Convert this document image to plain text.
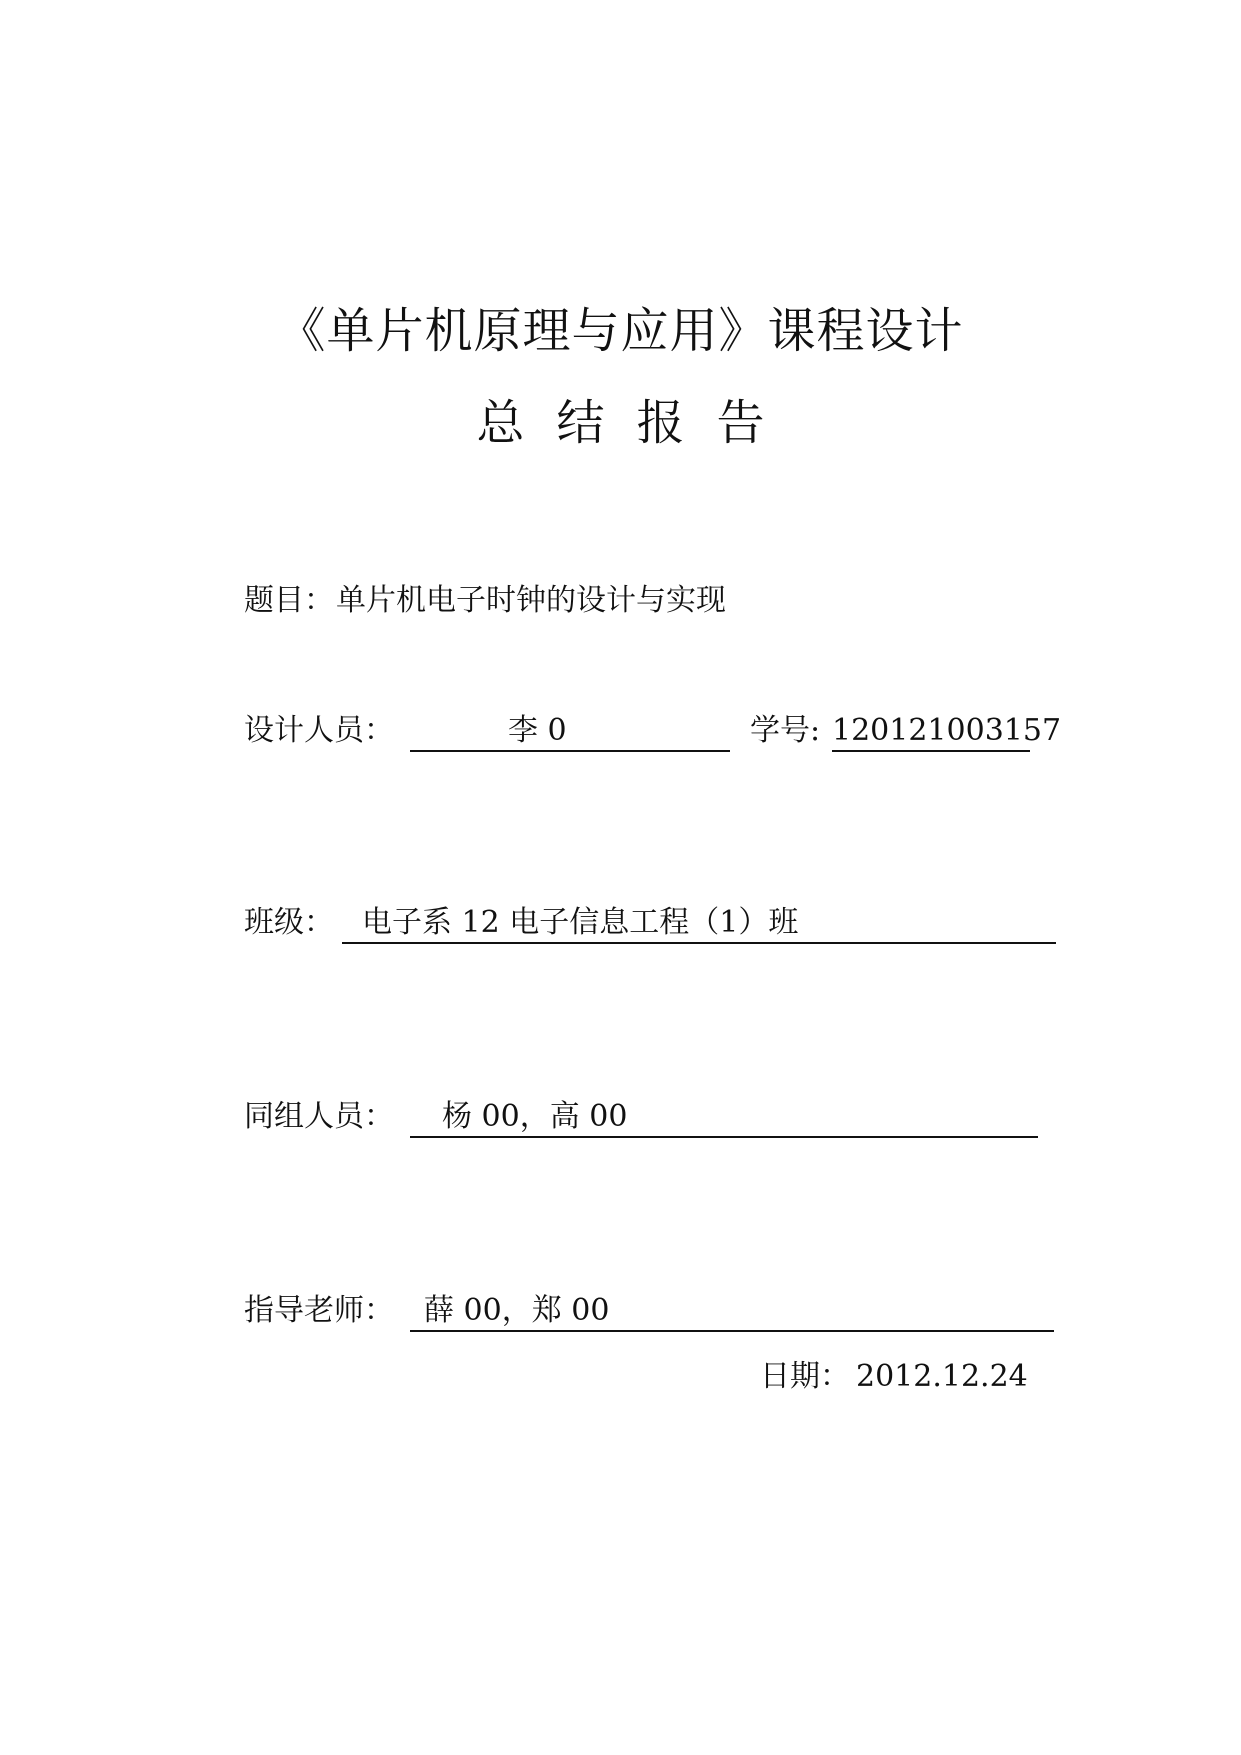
《单片机原理与应用》课程设计
总结报告
题目： 单片机电子时钟的设计与实现
设计人员：	李 0	学号: 120121003157
班级： 电子系 12 电子信息工程（1）班
同组人员： 杨 00，高 00
指导老师： 薛 00，郑 00
日期： 2012.12.24
